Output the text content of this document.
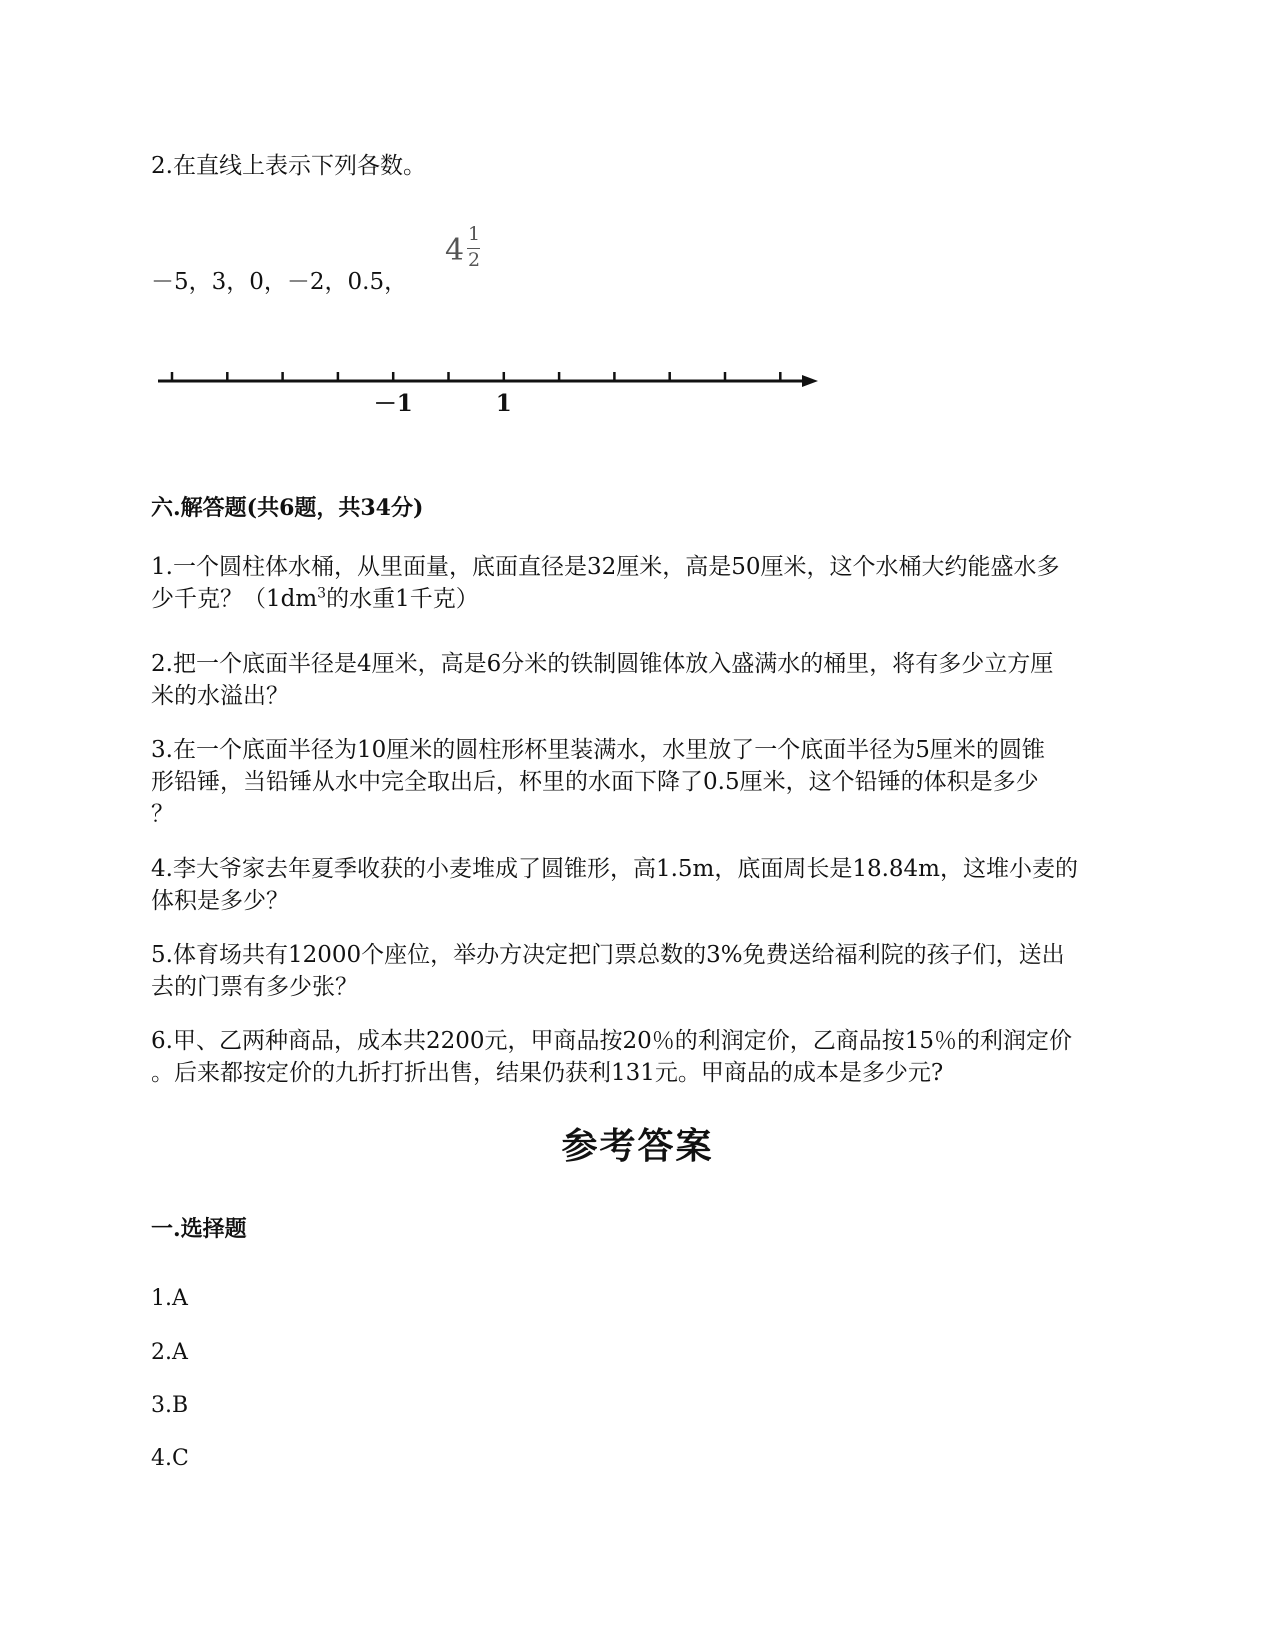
2.在直线上表示下列各数。
－5，3，0，－2，0.5，
4 1
2
－1	1
六.解答题(共6题，共34分)
1.一个圆柱体水桶，从里面量，底面直径是32厘米，高是50厘米，这个水桶大约能盛水多
少千克？（$1dm^3$的水重1千克）
2.把一个底面半径是4厘米，高是6分米的铁制圆锥体放入盛满水的桶里，将有多少立方厘
米的水溢出？
3.在一个底面半径为10厘米的圆柱形杯里装满水，水里放了一个底面半径为5厘米的圆锥
形铅锤，当铅锤从水中完全取出后，杯里的水面下降了0.5厘米，这个铅锤的体积是多少
？
4.李大爷家去年夏季收获的小麦堆成了圆锥形，高1.5m，底面周长是18.84m，这堆小麦的
体积是多少？
5.体育场共有12000个座位，举办方决定把门票总数的3%免费送给福利院的孩子们，送出
去的门票有多少张？
6.甲、乙两种商品，成本共2200元，甲商品按20％的利润定价，乙商品按15％的利润定价
。后来都按定价的九折打折出售，结果仍获利131元。甲商品的成本是多少元?
参考答案
一.选择题
1.A
2.A
3.B
4.C
